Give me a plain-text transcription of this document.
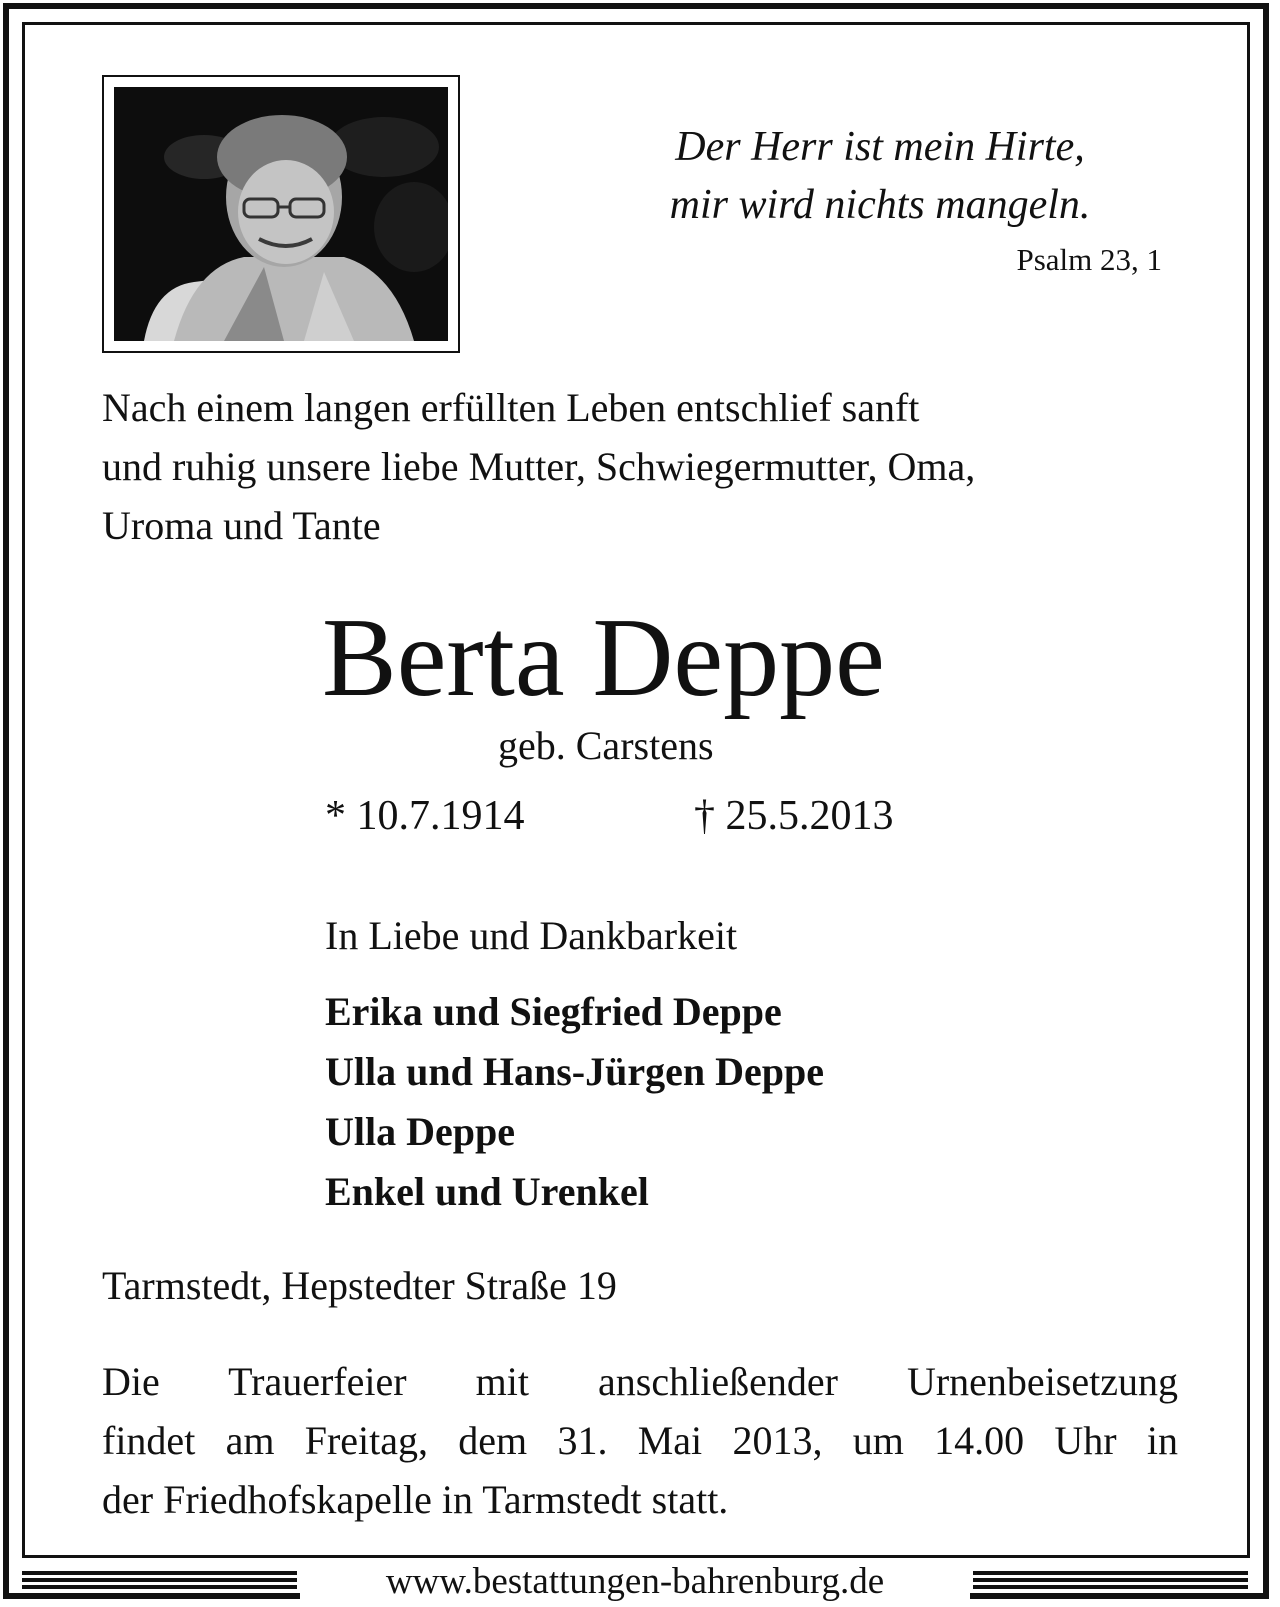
Der Herr ist mein Hirte,
mir wird nichts mangeln.
Psalm 23, 1
Nach einem langen erfüllten Leben entschlief sanft
und ruhig unsere liebe Mutter, Schwiegermutter, Oma,
Uroma und Tante
Berta Deppe
geb. Carstens
* 10.7.1914	† 25.5.2013
In Liebe und Dankbarkeit
Erika und Siegfried Deppe
Ulla und Hans-Jürgen Deppe
Ulla Deppe
Enkel und Urenkel
Tarmstedt, Hepstedter Straße 19
Die Trauerfeier mit anschließender Urnenbeisetzung
findet am Freitag, dem 31. Mai 2013, um 14.00 Uhr in
der Friedhofskapelle in Tarmstedt statt.
www.bestattungen-bahrenburg.de
